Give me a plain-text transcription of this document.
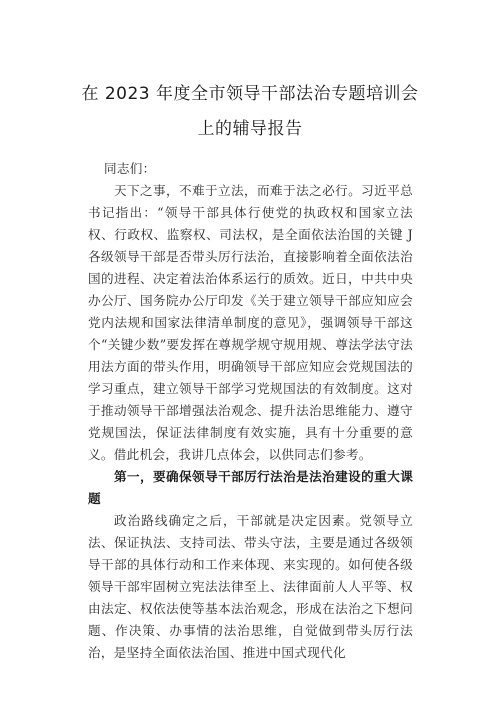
在 2023 年度全市领导干部法治专题培训会
上的辅导报告

同志们：

天下之事，不难于立法，而难于法之必行。习近平总书记指出：“领导干部具体行使党的执政权和国家立法权、行政权、监察权、司法权，是全面依法治国的关键 J 各级领导干部是否带头厉行法治，直接影响着全面依法治国的进程、决定着法治体系运行的质效。近日，中共中央办公厅、国务院办公厅印发《关于建立领导干部应知应会党内法规和国家法律清单制度的意见》，强调领导干部这个“关键少数”要发挥在尊规学规守规用规、尊法学法守法用法方面的带头作用，明确领导干部应知应会党规国法的学习重点，建立领导干部学习党规国法的有效制度。这对于推动领导干部增强法治观念、提升法治思维能力、遵守党规国法，保证法律制度有效实施，具有十分重要的意义。借此机会，我讲几点体会，以供同志们参考。

第一，要确保领导干部厉行法治是法治建设的重大课题

政治路线确定之后，干部就是决定因素。党领导立法、保证执法、支持司法、带头守法，主要是通过各级领导干部的具体行动和工作来体现、来实现的。如何使各级领导干部牢固树立宪法法律至上、法律面前人人平等、权由法定、权依法使等基本法治观念，形成在法治之下想问题、作决策、办事情的法治思维，自觉做到带头厉行法治，是坚持全面依法治国、推进中国式现代化
